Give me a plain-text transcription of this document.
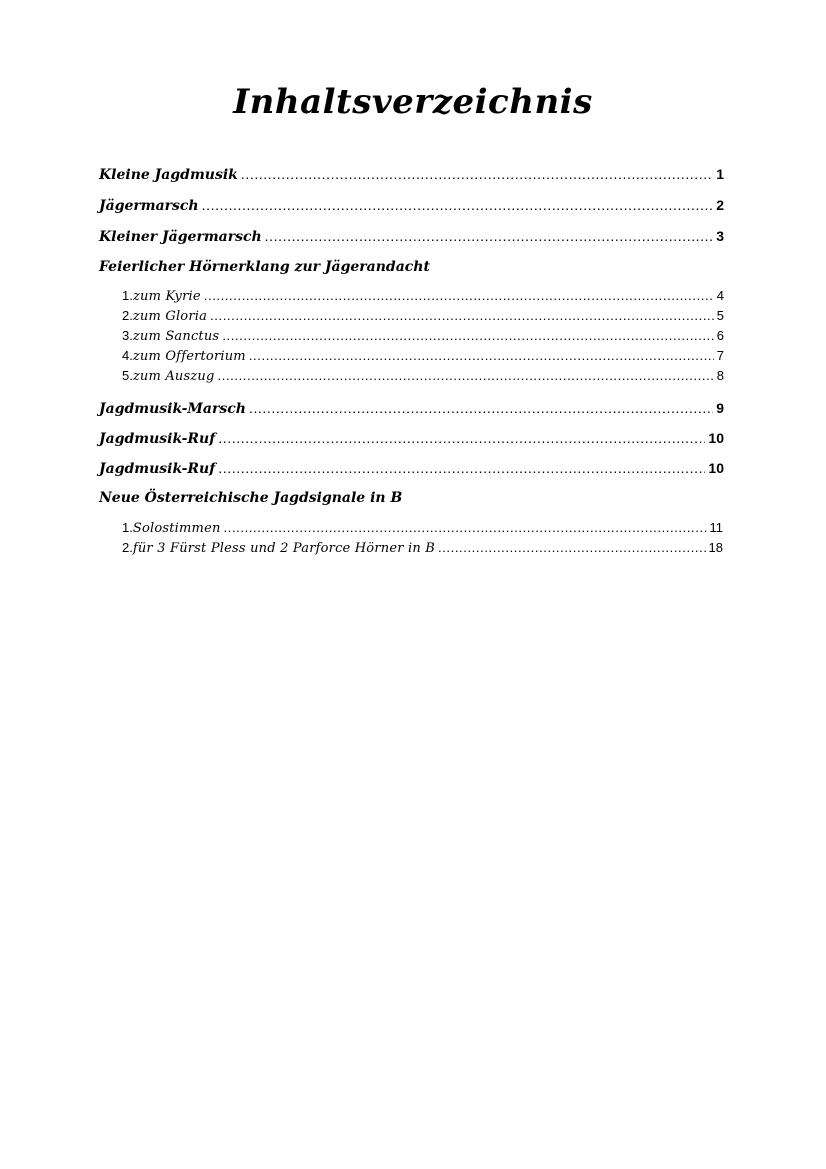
Inhaltsverzeichnis
Kleine Jagdmusik .....	1
Jägermarsch .....	2
Kleiner Jägermarsch .....	3
Feierlicher Hörnerklang zur Jägerandacht
1. zum Kyrie .....	4
2. zum Gloria .....	5
3. zum Sanctus .....	6
4. zum Offertorium .....	7
5. zum Auszug .....	8
Jagdmusik-Marsch .....	9
Jagdmusik-Ruf .....	10
Jagdmusik-Ruf .....	10
Neue Österreichische Jagdsignale in B
1. Solostimmen .....	11
2. für 3 Fürst Pless und 2 Parforce Hörner in B .....	18
